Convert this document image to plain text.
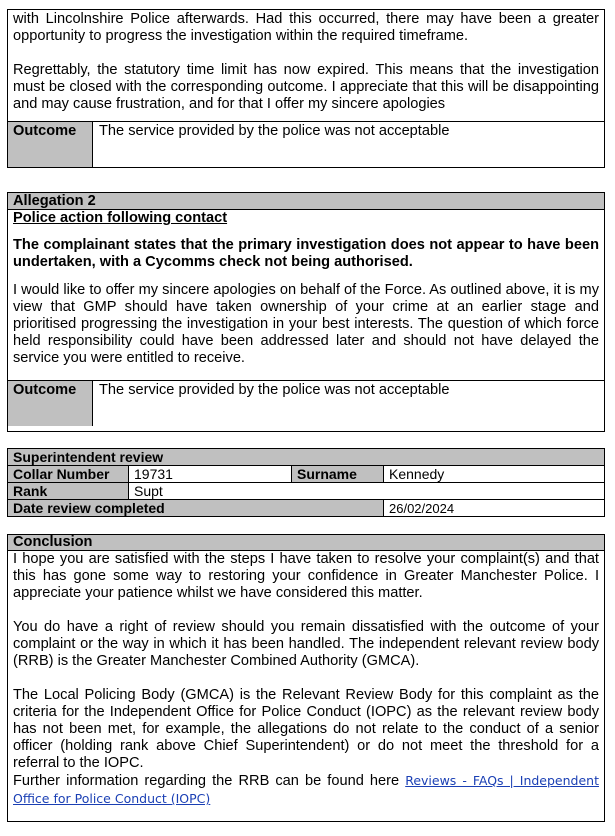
with Lincolnshire Police afterwards. Had this occurred, there may have been a greater opportunity to progress the investigation within the required timeframe.

Regrettably, the statutory time limit has now expired. This means that the investigation must be closed with the corresponding outcome. I appreciate that this will be disappointing and may cause frustration, and for that I offer my sincere apologies

Outcome	The service provided by the police was not acceptable
Allegation 2

Police action following contact

The complainant states that the primary investigation does not appear to have been undertaken, with a Cycomms check not being authorised.

I would like to offer my sincere apologies on behalf of the Force. As outlined above, it is my view that GMP should have taken ownership of your crime at an earlier stage and prioritised progressing the investigation in your best interests. The question of which force held responsibility could have been addressed later and should not have delayed the service you were entitled to receive.

Outcome	The service provided by the police was not acceptable
Superintendent review			
Collar Number	19731	Surname	Kennedy
Rank	Supt		
Date review completed			26/02/2024
Conclusion

I hope you are satisfied with the steps I have taken to resolve your complaint(s) and that this has gone some way to restoring your confidence in Greater Manchester Police. I appreciate your patience whilst we have considered this matter.

You do have a right of review should you remain dissatisfied with the outcome of your complaint or the way in which it has been handled. The independent relevant review body (RRB) is the Greater Manchester Combined Authority (GMCA).

The Local Policing Body (GMCA) is the Relevant Review Body for this complaint as the criteria for the Independent Office for Police Conduct (IOPC) as the relevant review body has not been met, for example, the allegations do not relate to the conduct of a senior officer (holding rank above Chief Superintendent) or do not meet the threshold for a referral to the IOPC.

Further information regarding the RRB can be found here Reviews - FAQs | Independent Office for Police Conduct (IOPC)
